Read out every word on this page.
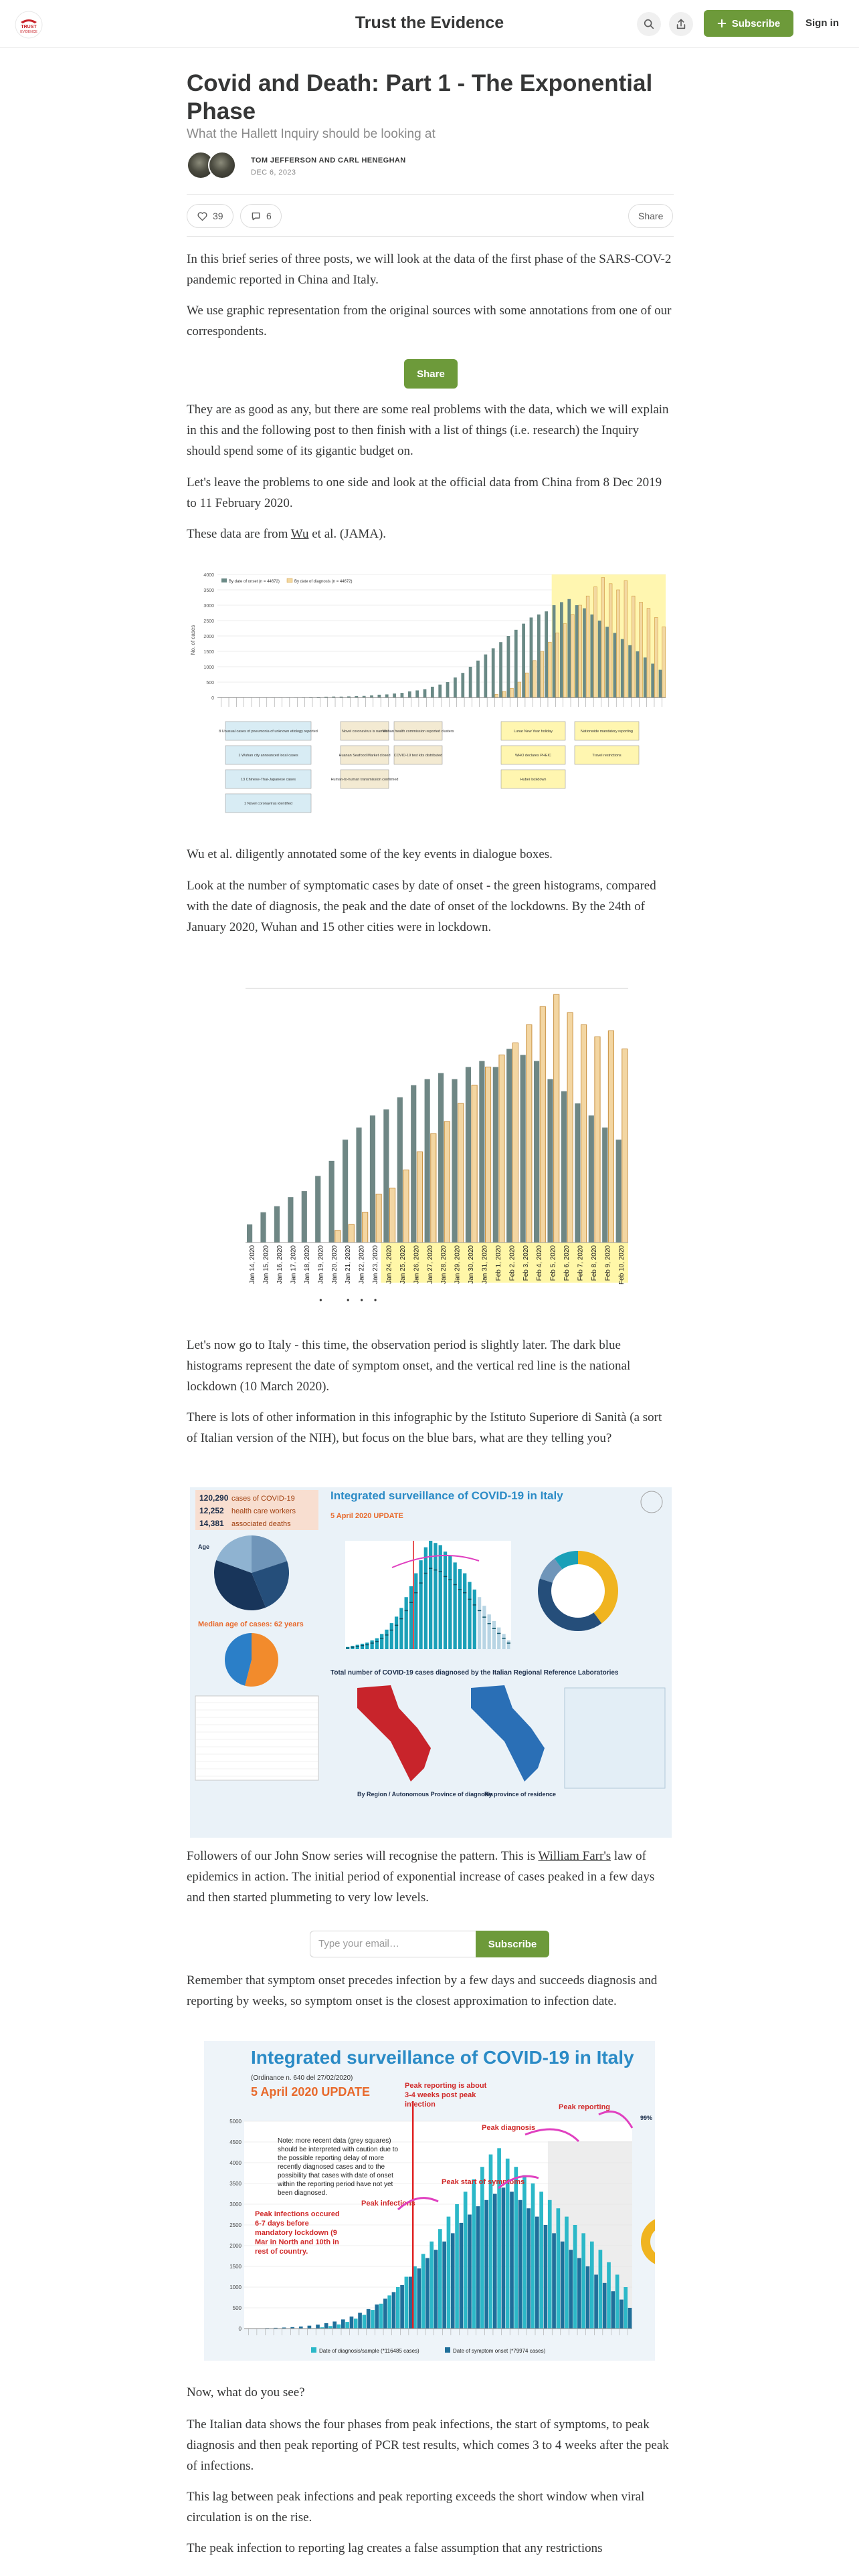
TRUST
EVIDENCE	Trust the Evidence	Subscribe	Sign in
Covid and Death: Part 1 - The Exponential Phase
What the Hallett Inquiry should be looking at
TOM JEFFERSON AND CARL HENEGHAN
DEC 6, 2023
39	6	Share

In this brief series of three posts, we will look at the data of the first phase of the SARS-COV-2 pandemic reported in China and Italy.

We use graphic representation from the original sources with some annotations from one of our correspondents.

Share

They are as good as any, but there are some real problems with the data, which we will explain in this and the following post to then finish with a list of things (i.e. research) the Inquiry should spend some of its gigantic budget on.

Let's leave the problems to one side and look at the official data from China from 8 Dec 2019 to 11 February 2020.

These data are from Wu et al. (JAMA).

4000
3500
3000
2500
2000
1500
1000
500
0
No. of cases
By date of onset (n = 44672)	By date of diagnosis (n = 44672)
8 Unusual cases of pneumonia of unknown etiology reported
1 Wuhan city announced local cases
13 Chinese-Thai-Japanese cases
1 Novel coronavirus identified
Novel coronavirus is named
Wuhan health commission reported clusters
Huanan Seafood Market closed COVID-19 test kits distributed
Human-to-human transmission confirmed
Lunar New Year holiday	Nationwide mandatory reporting
WHO declares PHEIC	Travel restrictions
Hubei lockdown

Wu et al. diligently annotated some of the key events in dialogue boxes.

Look at the number of symptomatic cases by date of onset - the green histograms, compared with the date of diagnosis, the peak and the date of onset of the lockdowns. By the 24th of January 2020, Wuhan and 15 other cities were in lockdown.

Jan 14, 2020 Jan 15, 2020 Jan 16, 2020 Jan 17, 2020 Jan 18, 2020 Jan 19, 2020 Jan 20, 2020 Jan 21, 2020 Jan 22, 2020 Jan 23, 2020 Jan 24, 2020 Jan 25, 2020 Jan 26, 2020 Jan 27, 2020 Jan 28, 2020 Jan 29, 2020 Jan 30, 2020 Jan 31, 2020 Feb 1, 2020 Feb 2, 2020 Feb 3, 2020 Feb 4, 2020 Feb 5, 2020 Feb 6, 2020 Feb 7, 2020 Feb 8, 2020 Feb 9, 2020 Feb 10, 2020

Let's now go to Italy - this time, the observation period is slightly later. The dark blue histograms represent the date of symptom onset, and the vertical red line is the national lockdown (10 March 2020).

There is lots of other information in this infographic by the Istituto Superiore di Sanità (a sort of Italian version of the NIH), but focus on the blue bars, what are they telling you?

120,290 cases of COVID-19
12,252 health care workers
14,381 associated deaths
Integrated surveillance of COVID-19 in Italy
5 April 2020 UPDATE
Age
Median age of cases: 62 years
Total number of COVID-19 cases diagnosed by the Italian Regional Reference Laboratories
By Region / Autonomous Province of diagnosis
By province of residence

Followers of our John Snow series will recognise the pattern. This is William Farr's law of epidemics in action. The initial period of exponential increase of cases peaked in a few days and then started plummeting to very low levels.

Type your email…	Subscribe

Remember that symptom onset precedes infection by a few days and succeeds diagnosis and reporting by weeks, so symptom onset is the closest approximation to infection date.

Integrated surveillance of COVID-19 in Italy
(Ordinance n. 640 del 27/02/2020)
5 April 2020 UPDATE
5000
4500
4000
3500
3000
2500
2000
1500
1000
500
0
Note: more recent data (grey squares)
should be interpreted with caution due to
the possible reporting delay of more
recently diagnosed cases and to the
possibility that cases with date of onset
within the reporting period have not yet
been diagnosed.
Peak infections occured
6-7 days before
mandatory lockdown (9
Mar in North and 10th in
rest of country.
Peak reporting is about
3-4 weeks post peak
infection	Peak reporting
Peak diagnosis
Peak start of symptoms
Peak infections
Date of diagnosis/sample (*116485 cases)	Date of symptom onset (*79974 cases)
99%

Now, what do you see?

The Italian data shows the four phases from peak infections, the start of symptoms, to peak diagnosis and then peak reporting of PCR test results, which comes 3 to 4 weeks after the peak of infections.

This lag between peak infections and peak reporting exceeds the short window when viral circulation is on the rise.

The peak infection to reporting lag creates a false assumption that any restrictions
